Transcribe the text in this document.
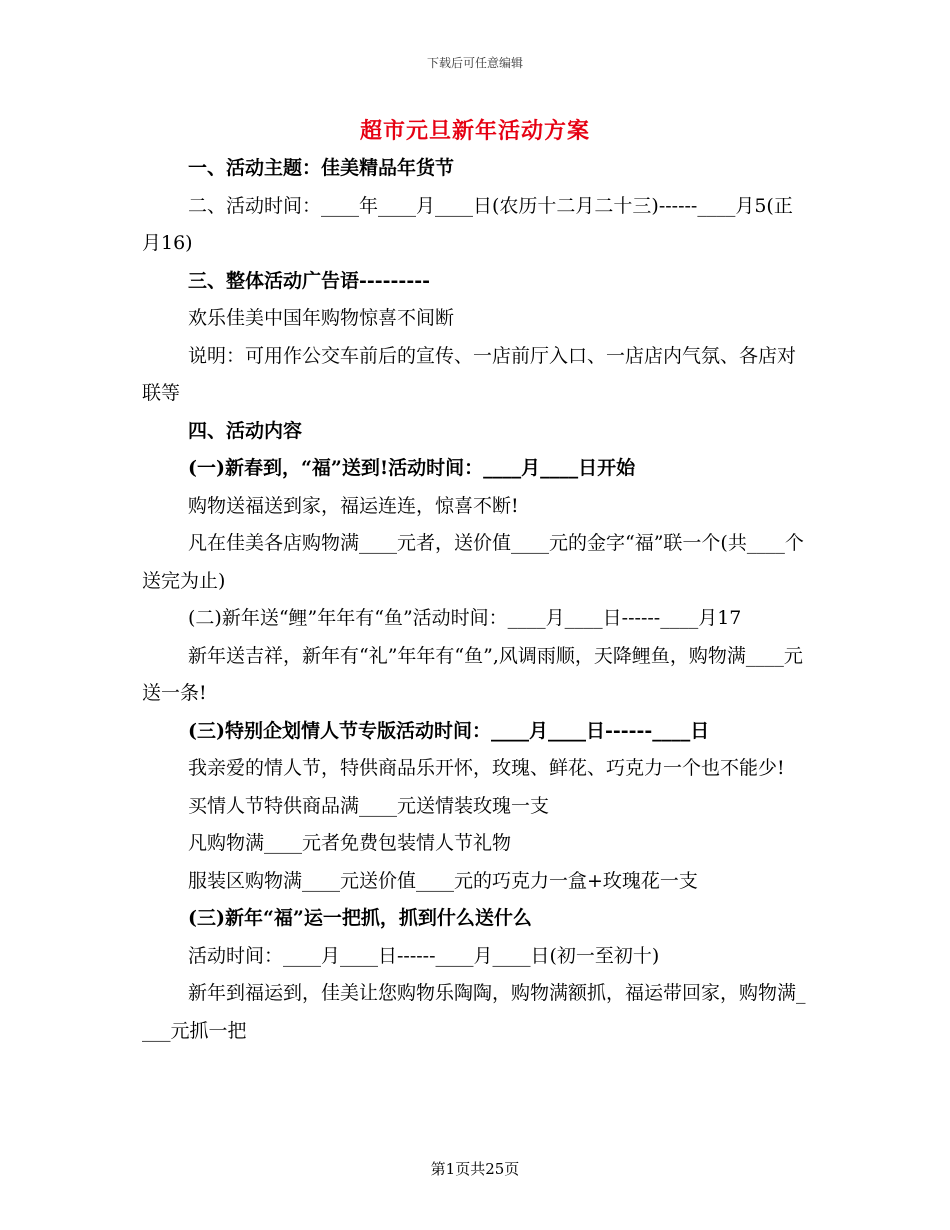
下载后可任意编辑
超市元旦新年活动方案

一、活动主题：佳美精品年货节

二、活动时间：____年____月____日(农历十二月二十三)------____月5(正月16)

三、整体活动广告语---------

欢乐佳美中国年购物惊喜不间断

说明：可用作公交车前后的宣传、一店前厅入口、一店店内气氛、各店对联等

四、活动内容

(一)新春到，“福”送到!活动时间：____月____日开始

购物送福送到家，福运连连，惊喜不断!

凡在佳美各店购物满____元者，送价值____元的金字“福”联一个(共____个送完为止)

(二)新年送“鲤”年年有“鱼”活动时间：____月____日------____月17

新年送吉祥，新年有“礼”年年有“鱼”,风调雨顺，天降鲤鱼，购物满____元送一条!

(三)特别企划情人节专版活动时间：____月____日------____日

我亲爱的情人节，特供商品乐开怀，玫瑰、鲜花、巧克力一个也不能少!

买情人节特供商品满____元送情装玫瑰一支

凡购物满____元者免费包装情人节礼物

服装区购物满____元送价值____元的巧克力一盒+玫瑰花一支

(三)新年“福”运一把抓，抓到什么送什么

活动时间：____月____日------____月____日(初一至初十)

新年到福运到，佳美让您购物乐陶陶，购物满额抓，福运带回家，购物满____元抓一把

第1页共25页
